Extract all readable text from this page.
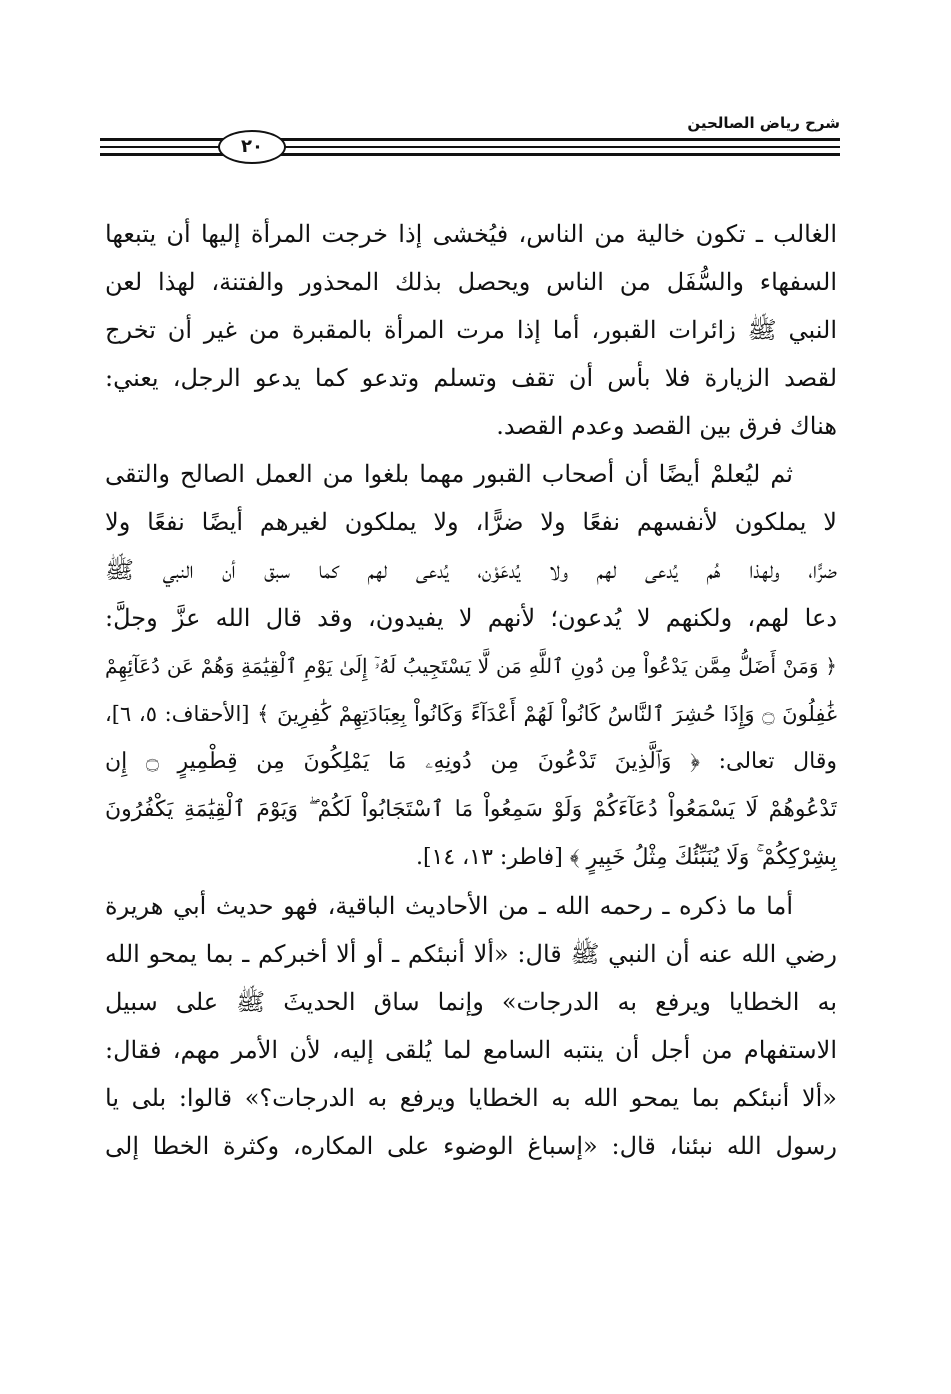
شرح رياض الصالحين
٢٠
الغالب ـ تكون خالية من الناس، فيُخشى إذا خرجت المرأة إليها أن يتبعها
السفهاء والسُّفَل من الناس ويحصل بذلك المحذور والفتنة، لهذا لعن
النبي ﷺ زائرات القبور، أما إذا مرت المرأة بالمقبرة من غير أن تخرج
لقصد الزيارة فلا بأس أن تقف وتسلم وتدعو كما يدعو الرجل، يعني:
هناك فرق بين القصد وعدم القصد.
ثم ليُعلمْ أيضًا أن أصحاب القبور مهما بلغوا من العمل الصالح والتقى
لا يملكون لأنفسهم نفعًا ولا ضرًّا، ولا يملكون لغيرهم أيضًا نفعًا ولا
ضرًّا، ولهذا هُم يُدعى لهم ولا يُدعَوْن، يُدعى لهم كما سبق أن النبي ﷺ
دعا لهم، ولكنهم لا يُدعون؛ لأنهم لا يفيدون، وقد قال الله عزَّ وجلَّ:
﴿ وَمَنْ أَضَلُّ مِمَّن يَدْعُواْ مِن دُونِ ٱللَّهِ مَن لَّا يَسْتَجِيبُ لَهُۥٓ إِلَىٰ يَوْمِ ٱلْقِيَٰمَةِ وَهُمْ عَن دُعَآئِهِمْ
غَٰفِلُونَ ۝ وَإِذَا حُشِرَ ٱلنَّاسُ كَانُواْ لَهُمْ أَعْدَآءً وَكَانُواْ بِعِبَادَتِهِمْ كَٰفِرِينَ ﴾ [الأحقاف: ٥، ٦]،
وقال تعالى: ﴿ وَٱلَّذِينَ تَدْعُونَ مِن دُونِهِۦ مَا يَمْلِكُونَ مِن قِطْمِيرٍ ۝ إِن
تَدْعُوهُمْ لَا يَسْمَعُواْ دُعَآءَكُمْ وَلَوْ سَمِعُواْ مَا ٱسْتَجَابُواْ لَكُمْ ۖ وَيَوْمَ ٱلْقِيَٰمَةِ يَكْفُرُونَ
بِشِرْكِكُمْ ۚ وَلَا يُنَبِّئُكَ مِثْلُ خَبِيرٍ ﴾ [فاطر: ١٣، ١٤].
أما ما ذكره ـ رحمه الله ـ من الأحاديث الباقية، فهو حديث أبي هريرة
رضي الله عنه أن النبي ﷺ قال: «ألا أنبئكم ـ أو ألا أخبركم ـ بما يمحو الله
به الخطايا ويرفع به الدرجات» وإنما ساق الحديثَ ﷺ على سبيل
الاستفهام من أجل أن ينتبه السامع لما يُلقى إليه، لأن الأمر مهم، فقال:
«ألا أنبئكم بما يمحو الله به الخطايا ويرفع به الدرجات؟» قالوا: بلى يا
رسول الله نبئنا، قال: «إسباغ الوضوء على المكاره، وكثرة الخطا إلى
